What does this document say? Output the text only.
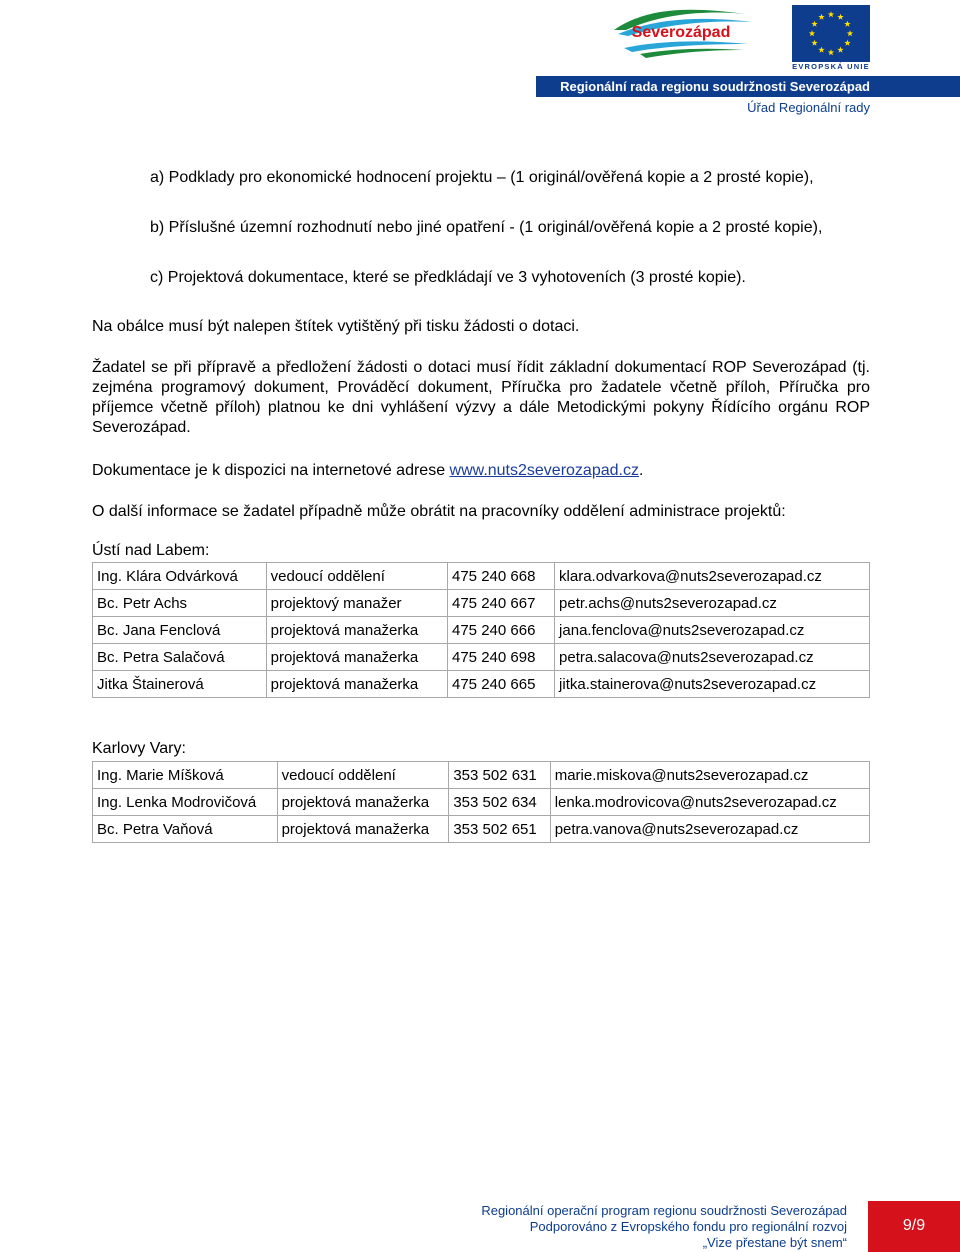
Severozápad
EVROPSKÁ UNIE
Regionální rada regionu soudržnosti Severozápad
Úřad Regionální rady
a) Podklady pro ekonomické hodnocení projektu – (1 originál/ověřená kopie a 2 prosté kopie),
b) Příslušné územní rozhodnutí nebo jiné opatření - (1 originál/ověřená kopie a 2 prosté kopie),
c) Projektová dokumentace, které se předkládají ve 3 vyhotoveních (3 prosté kopie).
Na obálce musí být nalepen štítek vytištěný při tisku žádosti o dotaci.
Žadatel se při přípravě a předložení žádosti o dotaci musí řídit základní dokumentací ROP Severozápad (tj. zejména programový dokument, Prováděcí dokument, Příručka pro žadatele včetně příloh, Příručka pro příjemce včetně příloh) platnou ke dni vyhlášení výzvy a dále Metodickými pokyny Řídícího orgánu ROP Severozápad.
Dokumentace je k dispozici na internetové adrese www.nuts2severozapad.cz.
O další informace se žadatel případně může obrátit na pracovníky oddělení administrace projektů:
Ústí nad Labem:
Ing. Klára Odvárková	vedoucí oddělení	475 240 668	klara.odvarkova@nuts2severozapad.cz
Bc. Petr Achs	projektový manažer	475 240 667	petr.achs@nuts2severozapad.cz
Bc. Jana Fenclová	projektová manažerka	475 240 666	jana.fenclova@nuts2severozapad.cz
Bc. Petra Salačová	projektová manažerka	475 240 698	petra.salacova@nuts2severozapad.cz
Jitka Štainerová	projektová manažerka	475 240 665	jitka.stainerova@nuts2severozapad.cz
Karlovy Vary:
Ing. Marie Míšková	vedoucí oddělení	353 502 631	marie.miskova@nuts2severozapad.cz
Ing. Lenka Modrovičová	projektová manažerka	353 502 634	lenka.modrovicova@nuts2severozapad.cz
Bc. Petra Vaňová	projektová manažerka	353 502 651	petra.vanova@nuts2severozapad.cz
Regionální operační program regionu soudržnosti Severozápad
Podporováno z Evropského fondu pro regionální rozvoj
„Vize přestane být snem“
9/9
